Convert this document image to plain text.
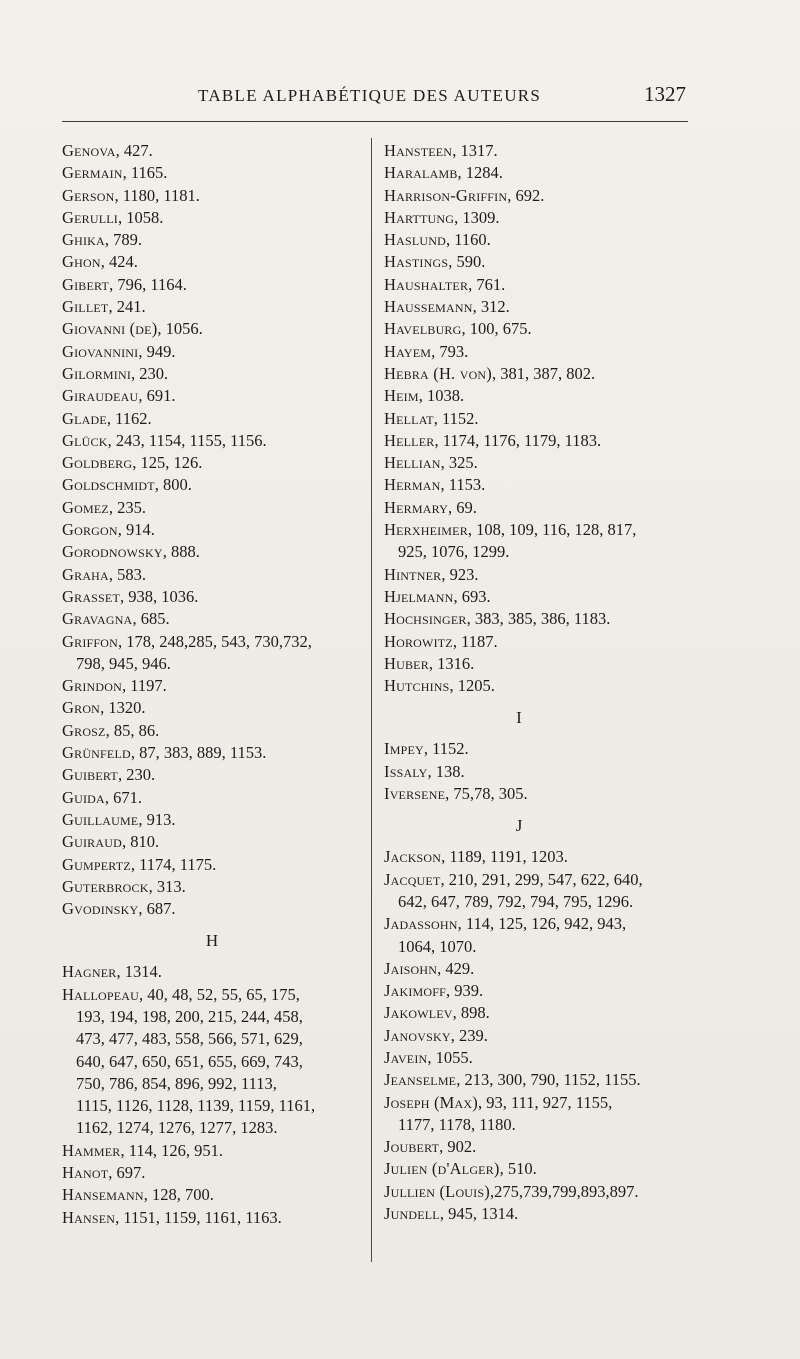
TABLE ALPHABÉTIQUE DES AUTEURS	1327

Genova, 427.

Germain, 1165.

Gerson, 1180, 1181.

Gerulli, 1058.

Ghika, 789.

Ghon, 424.

Gibert, 796, 1164.

Gillet, 241.

Giovanni (de), 1056.

Giovannini, 949.

Gilormini, 230.

Giraudeau, 691.

Glade, 1162.

Glück, 243, 1154, 1155, 1156.

Goldberg, 125, 126.

Goldschmidt, 800.

Gomez, 235.

Gorgon, 914.

Gorodnowsky, 888.

Graha, 583.

Grasset, 938, 1036.

Gravagna, 685.

Griffon, 178, 248,285, 543, 730,732,
798, 945, 946.

Grindon, 1197.

Gron, 1320.

Grosz, 85, 86.

Grünfeld, 87, 383, 889, 1153.

Guibert, 230.

Guida, 671.

Guillaume, 913.

Guiraud, 810.

Gumpertz, 1174, 1175.

Guterbrock, 313.

Gvodinsky, 687.

H

Hagner, 1314.

Hallopeau, 40, 48, 52, 55, 65, 175,
193, 194, 198, 200, 215, 244, 458,
473, 477, 483, 558, 566, 571, 629,
640, 647, 650, 651, 655, 669, 743,
750, 786, 854, 896, 992, 1113,
1115, 1126, 1128, 1139, 1159, 1161,
1162, 1274, 1276, 1277, 1283.

Hammer, 114, 126, 951.

Hanot, 697.

Hansemann, 128, 700.

Hansen, 1151, 1159, 1161, 1163.

Hansteen, 1317.

Haralamb, 1284.

Harrison-Griffin, 692.

Harttung, 1309.

Haslund, 1160.

Hastings, 590.

Haushalter, 761.

Haussemann, 312.

Havelburg, 100, 675.

Hayem, 793.

Hebra (H. von), 381, 387, 802.

Heim, 1038.

Hellat, 1152.

Heller, 1174, 1176, 1179, 1183.

Hellian, 325.

Herman, 1153.

Hermary, 69.

Herxheimer, 108, 109, 116, 128, 817,
925, 1076, 1299.

Hintner, 923.

Hjelmann, 693.

Hochsinger, 383, 385, 386, 1183.

Horowitz, 1187.

Huber, 1316.

Hutchins, 1205.

I

Impey, 1152.

Issaly, 138.

Iversene, 75,78, 305.

J

Jackson, 1189, 1191, 1203.

Jacquet, 210, 291, 299, 547, 622, 640,
642, 647, 789, 792, 794, 795, 1296.

Jadassohn, 114, 125, 126, 942, 943,
1064, 1070.

Jaisohn, 429.

Jakimoff, 939.

Jakowlev, 898.

Janovsky, 239.

Javein, 1055.

Jeanselme, 213, 300, 790, 1152, 1155.

Joseph (Max), 93, 111, 927, 1155,
1177, 1178, 1180.

Joubert, 902.

Julien (d'Alger), 510.

Jullien (Louis),275,739,799,893,897.

Jundell, 945, 1314.
